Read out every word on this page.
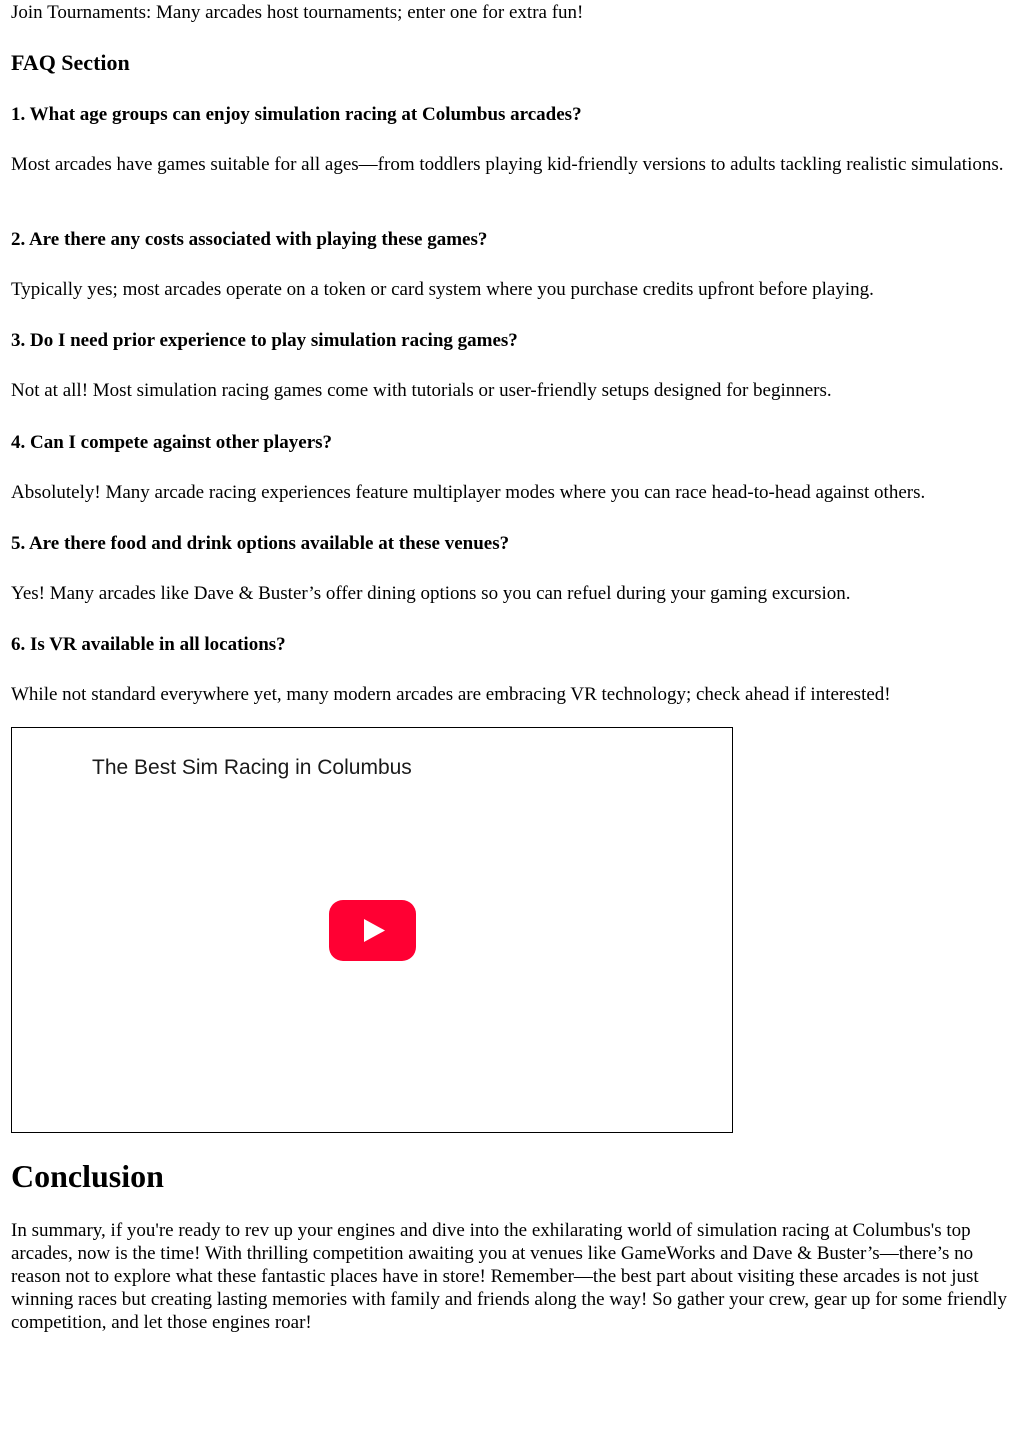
Join Tournaments: Many arcades host tournaments; enter one for extra fun!

FAQ Section
1. What age groups can enjoy simulation racing at Columbus arcades?

Most arcades have games suitable for all ages—from toddlers playing kid-friendly versions to adults tackling realistic simulations.

2. Are there any costs associated with playing these games?

Typically yes; most arcades operate on a token or card system where you purchase credits upfront before playing.

3. Do I need prior experience to play simulation racing games?

Not at all! Most simulation racing games come with tutorials or user-friendly setups designed for beginners.

4. Can I compete against other players?

Absolutely! Many arcade racing experiences feature multiplayer modes where you can race head-to-head against others.

5. Are there food and drink options available at these venues?

Yes! Many arcades like Dave & Buster’s offer dining options so you can refuel during your gaming excursion.

6. Is VR available in all locations?

While not standard everywhere yet, many modern arcades are embracing VR technology; check ahead if interested!

The Best Sim Racing in Columbus
Conclusion

In summary, if you're ready to rev up your engines and dive into the exhilarating world of simulation racing at Columbus's top arcades, now is the time! With thrilling competition awaiting you at venues like GameWorks and Dave & Buster’s—there’s no reason not to explore what these fantastic places have in store! Remember—the best part about visiting these arcades is not just winning races but creating lasting memories with family and friends along the way! So gather your crew, gear up for some friendly competition, and let those engines roar!
